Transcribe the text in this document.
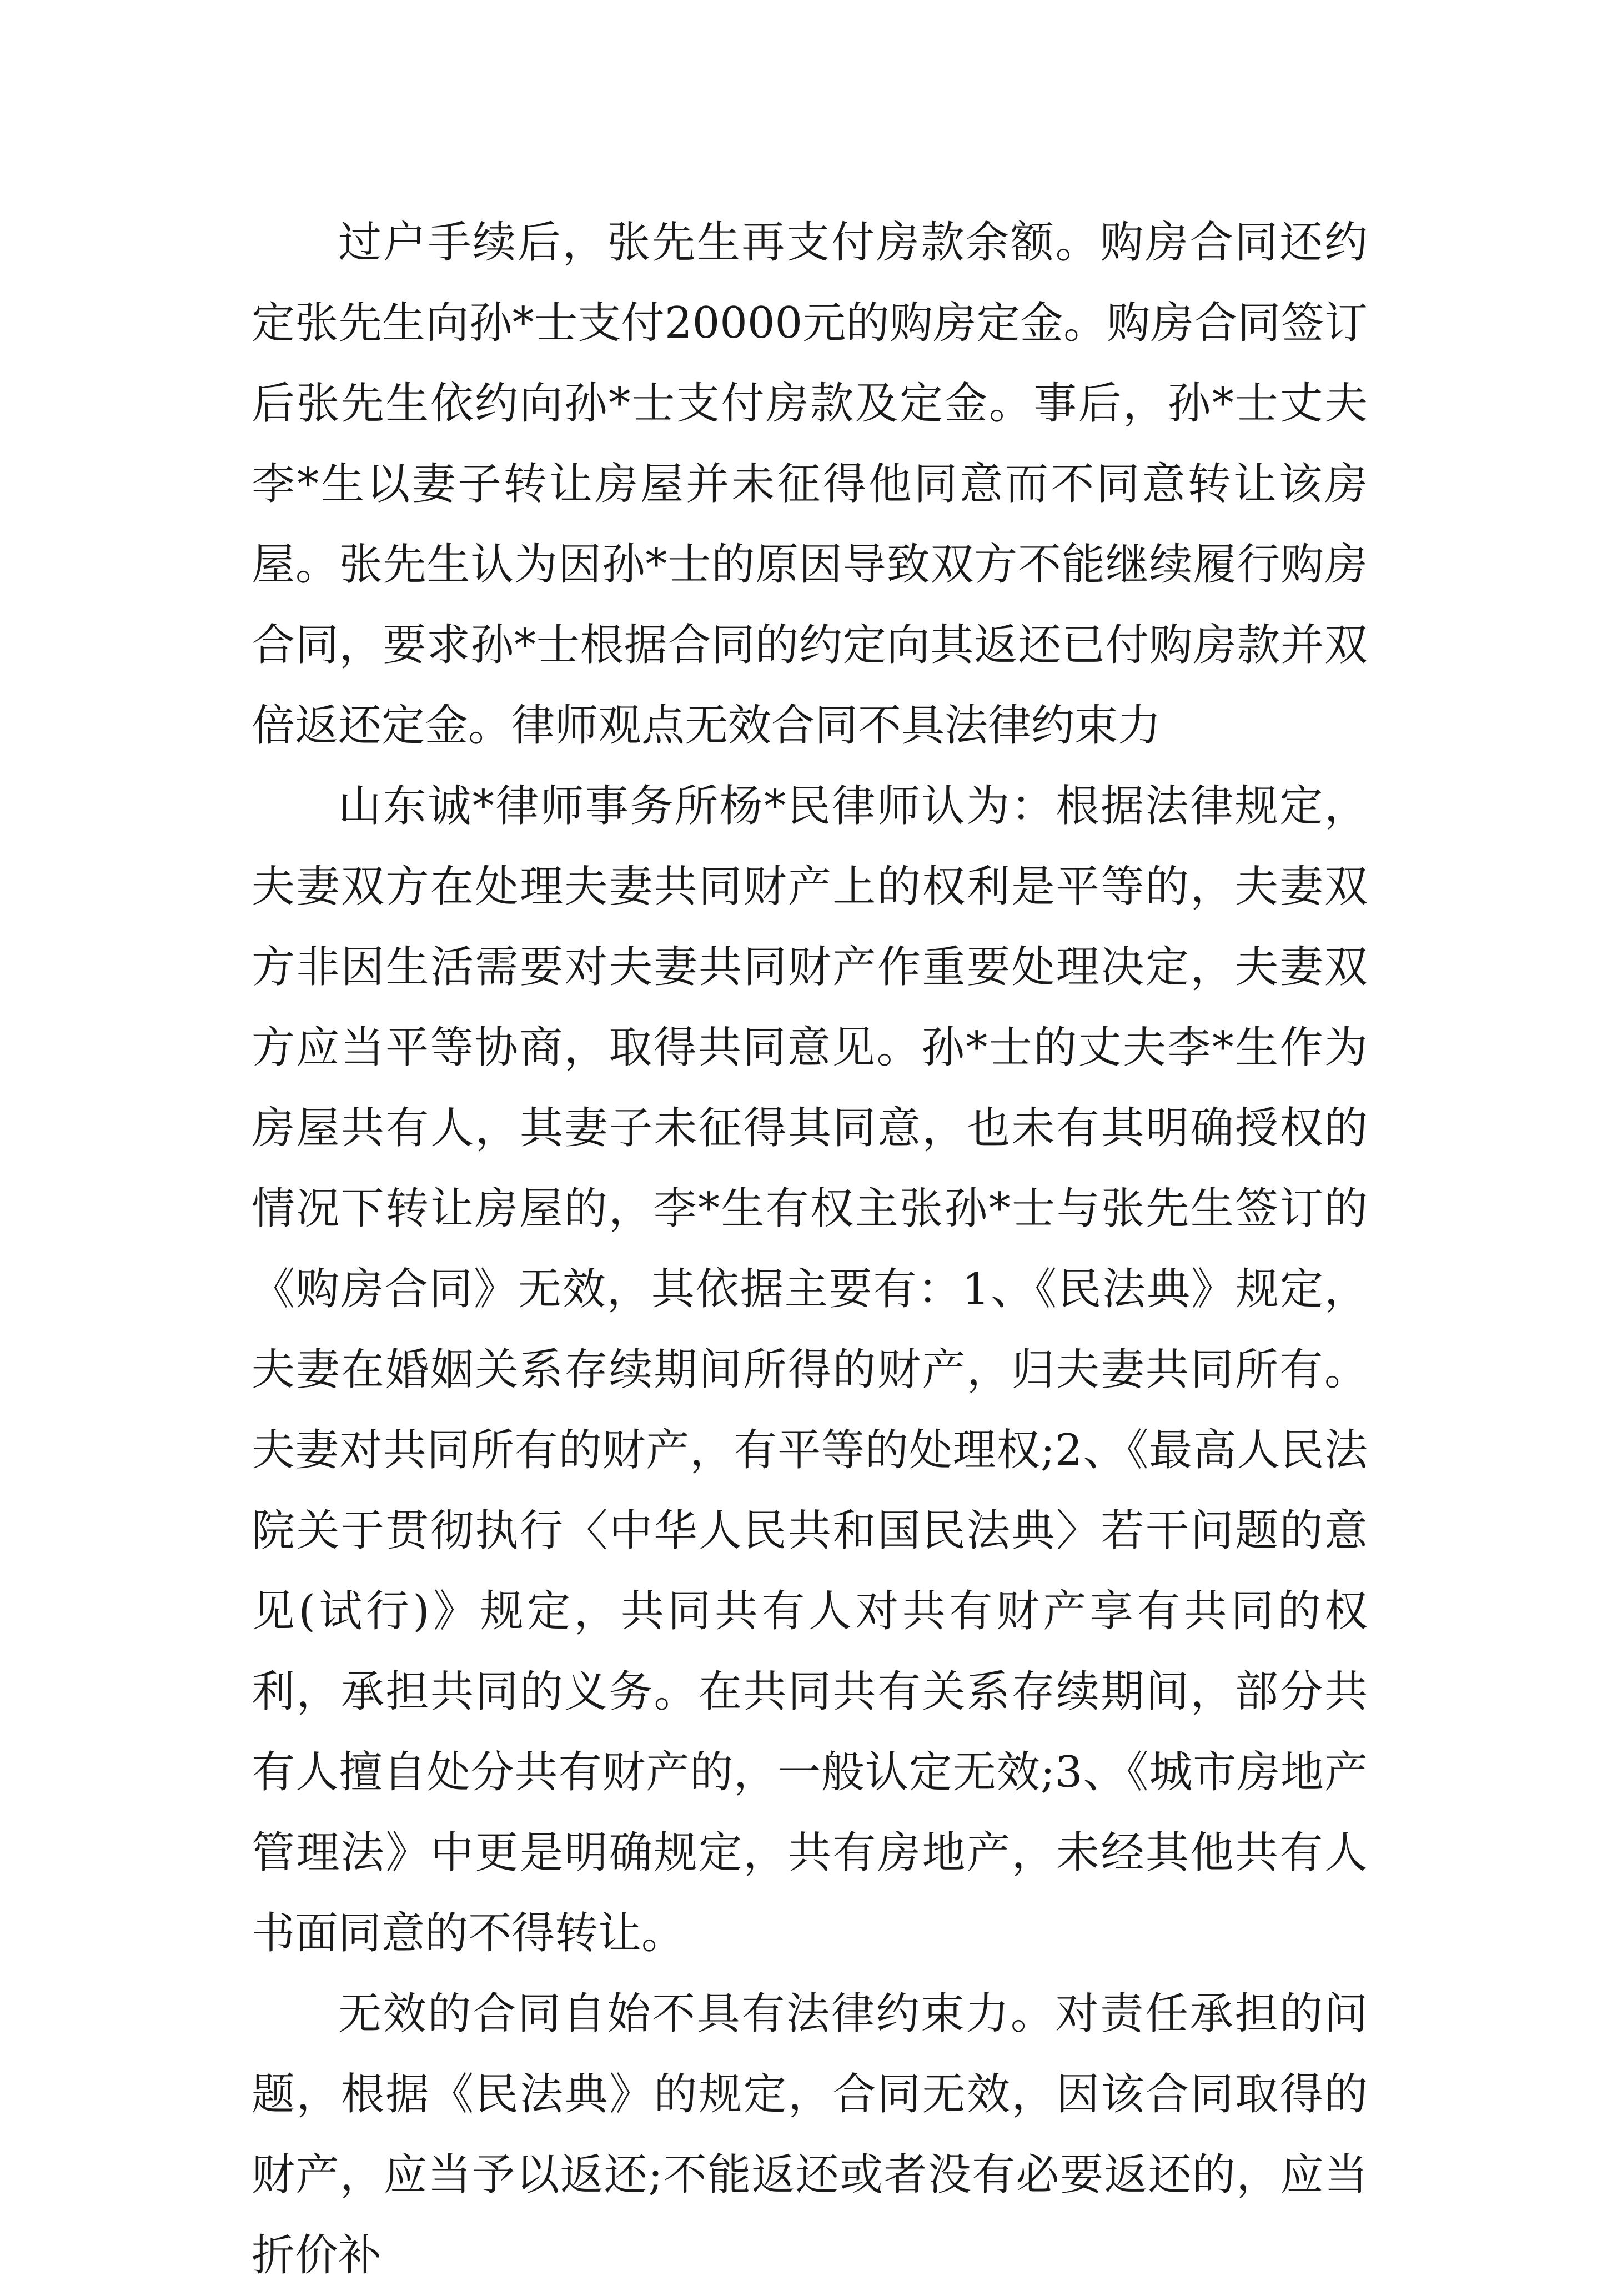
过户手续后，张先生再支付房款余额。购房合同还约定张先生向孙*士支付20000元的购房定金。购房合同签订后张先生依约向孙*士支付房款及定金。事后，孙*士丈夫李*生以妻子转让房屋并未征得他同意而不同意转让该房屋。张先生认为因孙*士的原因导致双方不能继续履行购房合同，要求孙*士根据合同的约定向其返还已付购房款并双倍返还定金。律师观点无效合同不具法律约束力

山东诚*律师事务所杨*民律师认为：根据法律规定，夫妻双方在处理夫妻共同财产上的权利是平等的，夫妻双方非因生活需要对夫妻共同财产作重要处理决定，夫妻双方应当平等协商，取得共同意见。孙*士的丈夫李*生作为房屋共有人，其妻子未征得其同意，也未有其明确授权的情况下转让房屋的，李*生有权主张孙*士与张先生签订的《购房合同》无效，其依据主要有：1、《民法典》规定，夫妻在婚姻关系存续期间所得的财产，归夫妻共同所有。夫妻对共同所有的财产，有平等的处理权;2、《最高人民法院关于贯彻执行〈中华人民共和国民法典〉若干问题的意见(试行)》规定，共同共有人对共有财产享有共同的权利，承担共同的义务。在共同共有关系存续期间，部分共有人擅自处分共有财产的，一般认定无效;3、《城市房地产管理法》中更是明确规定，共有房地产，未经其他共有人书面同意的不得转让。

无效的合同自始不具有法律约束力。对责任承担的问题，根据《民法典》的规定，合同无效，因该合同取得的财产，应当予以返还;不能返还或者没有必要返还的，应当折价补
